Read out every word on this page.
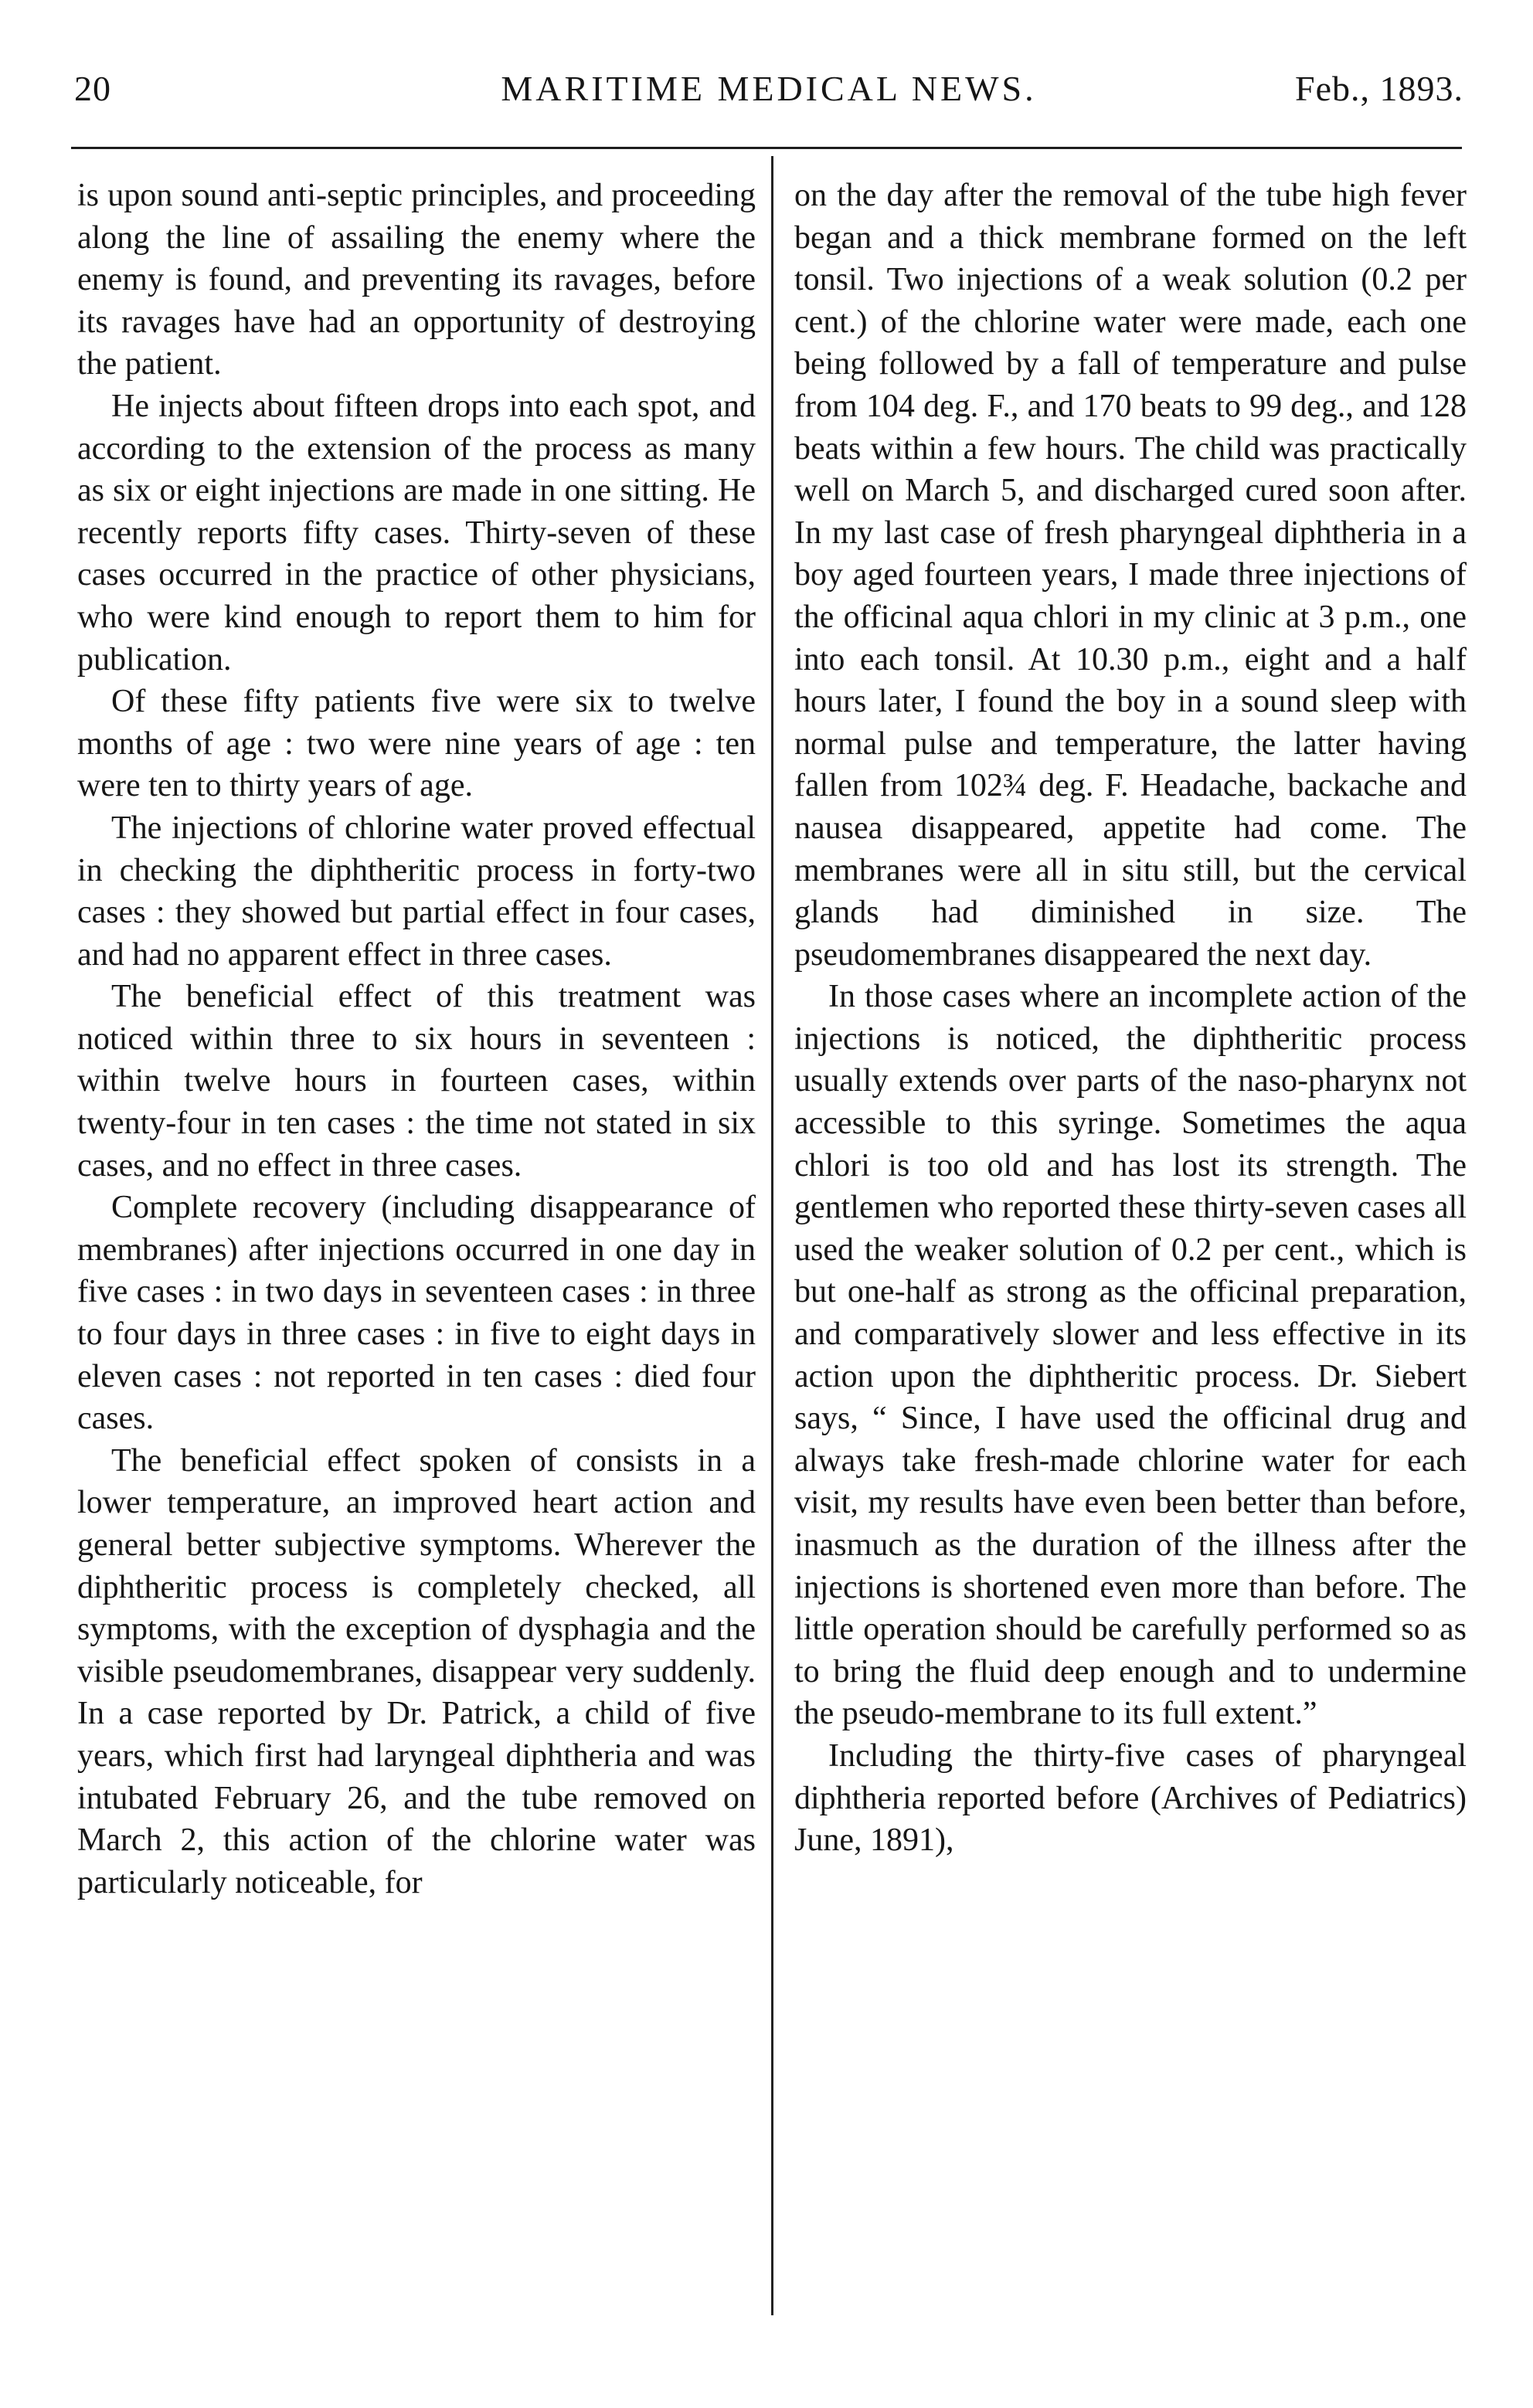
20	MARITIME MEDICAL NEWS.	Feb., 1893.

is upon sound anti-septic principles, and proceeding along the line of assailing the enemy where the enemy is found, and preventing its ravages, before its ravages have had an opportunity of destroying the patient.

He injects about fifteen drops into each spot, and according to the extension of the process as many as six or eight injections are made in one sitting. He recently reports fifty cases. Thirty-seven of these cases occurred in the practice of other physicians, who were kind enough to report them to him for publication.

Of these fifty patients five were six to twelve months of age : two were nine years of age : ten were ten to thirty years of age.

The injections of chlorine water proved effectual in checking the diphtheritic process in forty-two cases : they showed but partial effect in four cases, and had no apparent effect in three cases.

The beneficial effect of this treatment was noticed within three to six hours in seventeen : within twelve hours in fourteen cases, within twenty-four in ten cases : the time not stated in six cases, and no effect in three cases.

Complete recovery (including disappearance of membranes) after injections occurred in one day in five cases : in two days in seventeen cases : in three to four days in three cases : in five to eight days in eleven cases : not reported in ten cases : died four cases.

The beneficial effect spoken of consists in a lower temperature, an improved heart action and general better subjective symptoms. Wherever the diphtheritic process is completely checked, all symptoms, with the exception of dysphagia and the visible pseudomembranes, disappear very suddenly. In a case reported by Dr. Patrick, a child of five years, which first had laryngeal diphtheria and was intubated February 26, and the tube removed on March 2, this action of the chlorine water was particularly noticeable, for

on the day after the removal of the tube high fever began and a thick membrane formed on the left tonsil. Two injections of a weak solution (0.2 per cent.) of the chlorine water were made, each one being followed by a fall of temperature and pulse from 104 deg. F., and 170 beats to 99 deg., and 128 beats within a few hours. The child was practically well on March 5, and discharged cured soon after. In my last case of fresh pharyngeal diphtheria in a boy aged fourteen years, I made three injections of the officinal aqua chlori in my clinic at 3 p.m., one into each tonsil. At 10.30 p.m., eight and a half hours later, I found the boy in a sound sleep with normal pulse and temperature, the latter having fallen from 102¾ deg. F. Headache, backache and nausea disappeared, appetite had come. The membranes were all in situ still, but the cervical glands had diminished in size. The pseudomembranes disappeared the next day.

In those cases where an incomplete action of the injections is noticed, the diphtheritic process usually extends over parts of the naso-pharynx not accessible to this syringe. Sometimes the aqua chlori is too old and has lost its strength. The gentlemen who reported these thirty-seven cases all used the weaker solution of 0.2 per cent., which is but one-half as strong as the officinal preparation, and comparatively slower and less effective in its action upon the diphtheritic process. Dr. Siebert says, “ Since, I have used the officinal drug and always take fresh-made chlorine water for each visit, my results have even been better than before, inasmuch as the duration of the illness after the injections is shortened even more than before. The little operation should be carefully performed so as to bring the fluid deep enough and to undermine the pseudo-membrane to its full extent.”

Including the thirty-five cases of pharyngeal diphtheria reported before (Archives of Pediatrics) June, 1891),
